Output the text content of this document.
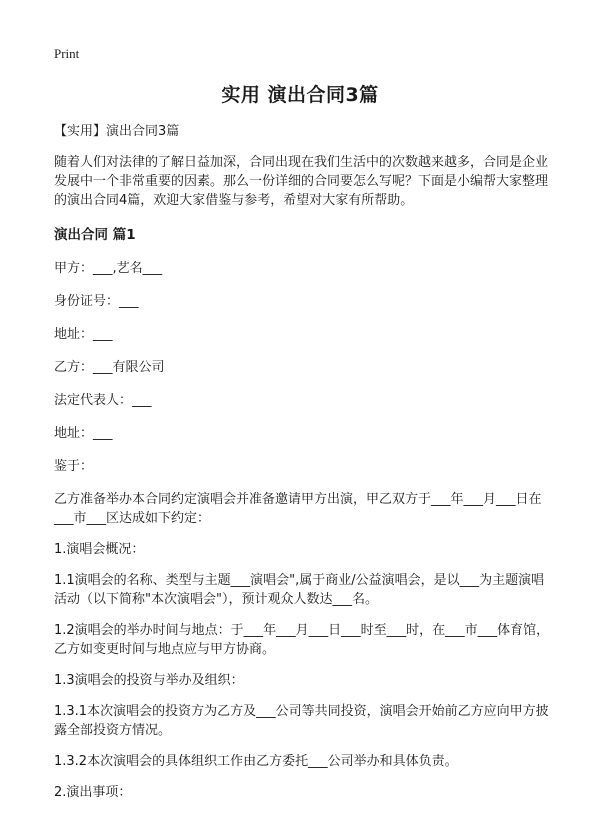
Print
实用 演出合同3篇

【实用】演出合同3篇

随着人们对法律的了解日益加深，合同出现在我们生活中的次数越来越多，合同是企业发展中一个非常重要的因素。那么一份详细的合同要怎么写呢？下面是小编帮大家整理的演出合同4篇，欢迎大家借鉴与参考，希望对大家有所帮助。

演出合同 篇1

甲方：___,艺名___

身份证号：___

地址：___

乙方：___有限公司

法定代表人：___

地址：___

鉴于：

乙方准备举办本合同约定演唱会并准备邀请甲方出演，甲乙双方于___年___月___日在___市___区达成如下约定：

1.演唱会概况：

1.1演唱会的名称、类型与主题___演唱会",属于商业/公益演唱会，是以___为主题演唱活动（以下简称"本次演唱会"），预计观众人数达___名。

1.2演唱会的举办时间与地点：于___年___月___日___时至___时，在___市___体育馆，乙方如变更时间与地点应与甲方协商。

1.3演唱会的投资与举办及组织：

1.3.1本次演唱会的投资方为乙方及___公司等共同投资，演唱会开始前乙方应向甲方披露全部投资方情况。

1.3.2本次演唱会的具体组织工作由乙方委托___公司举办和具体负责。

2.演出事项：
